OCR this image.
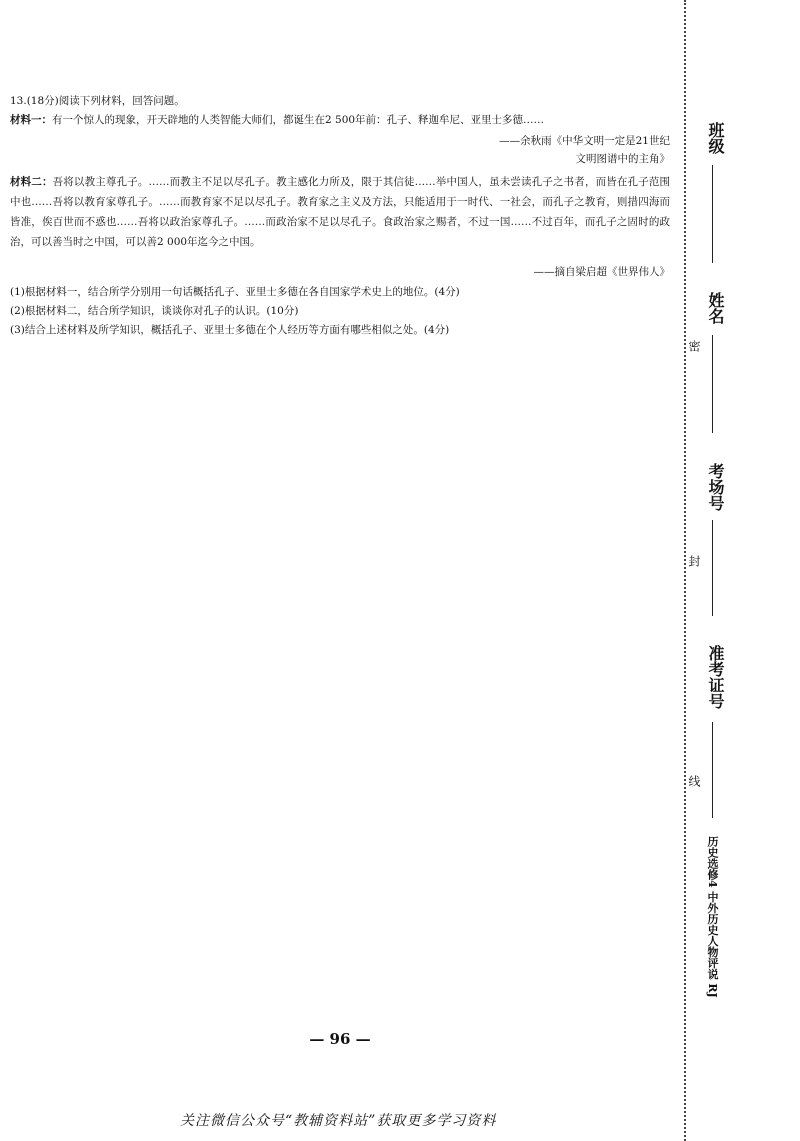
13.(18分)阅读下列材料，回答问题。
材料一：有一个惊人的现象，开天辟地的人类智能大师们，都诞生在2 500年前：孔子、释迦牟尼、亚里士多德……
——余秋雨《中华文明一定是21世纪
文明图谱中的主角》
材料二：吾将以教主尊孔子。……而教主不足以尽孔子。教主感化力所及，限于其信徒……举中国人，虽未尝读孔子之书者，而皆在孔子范围中也……吾将以教育家尊孔子。……而教育家不足以尽孔子。教育家之主义及方法，只能适用于一时代、一社会，而孔子之教育，则措四海而皆准，俟百世而不惑也……吾将以政治家尊孔子。……而政治家不足以尽孔子。食政治家之赐者，不过一国……不过百年，而孔子之固时的政治，可以善当时之中国，可以善2 000年迄今之中国。
——摘自梁启超《世界伟人》
(1)根据材料一，结合所学分别用一句话概括孔子、亚里士多德在各自国家学术史上的地位。(4分)
(2)根据材料二，结合所学知识，谈谈你对孔子的认识。(10分)
(3)结合上述材料及所学知识，概括孔子、亚里士多德在个人经历等方面有哪些相似之处。(4分)
班级
姓名
考场号
准考证号
密
封
线
历史选修4 中外历史人物评说 RJ
— 96 —
关注微信公众号“教辅资料站”获取更多学习资料
